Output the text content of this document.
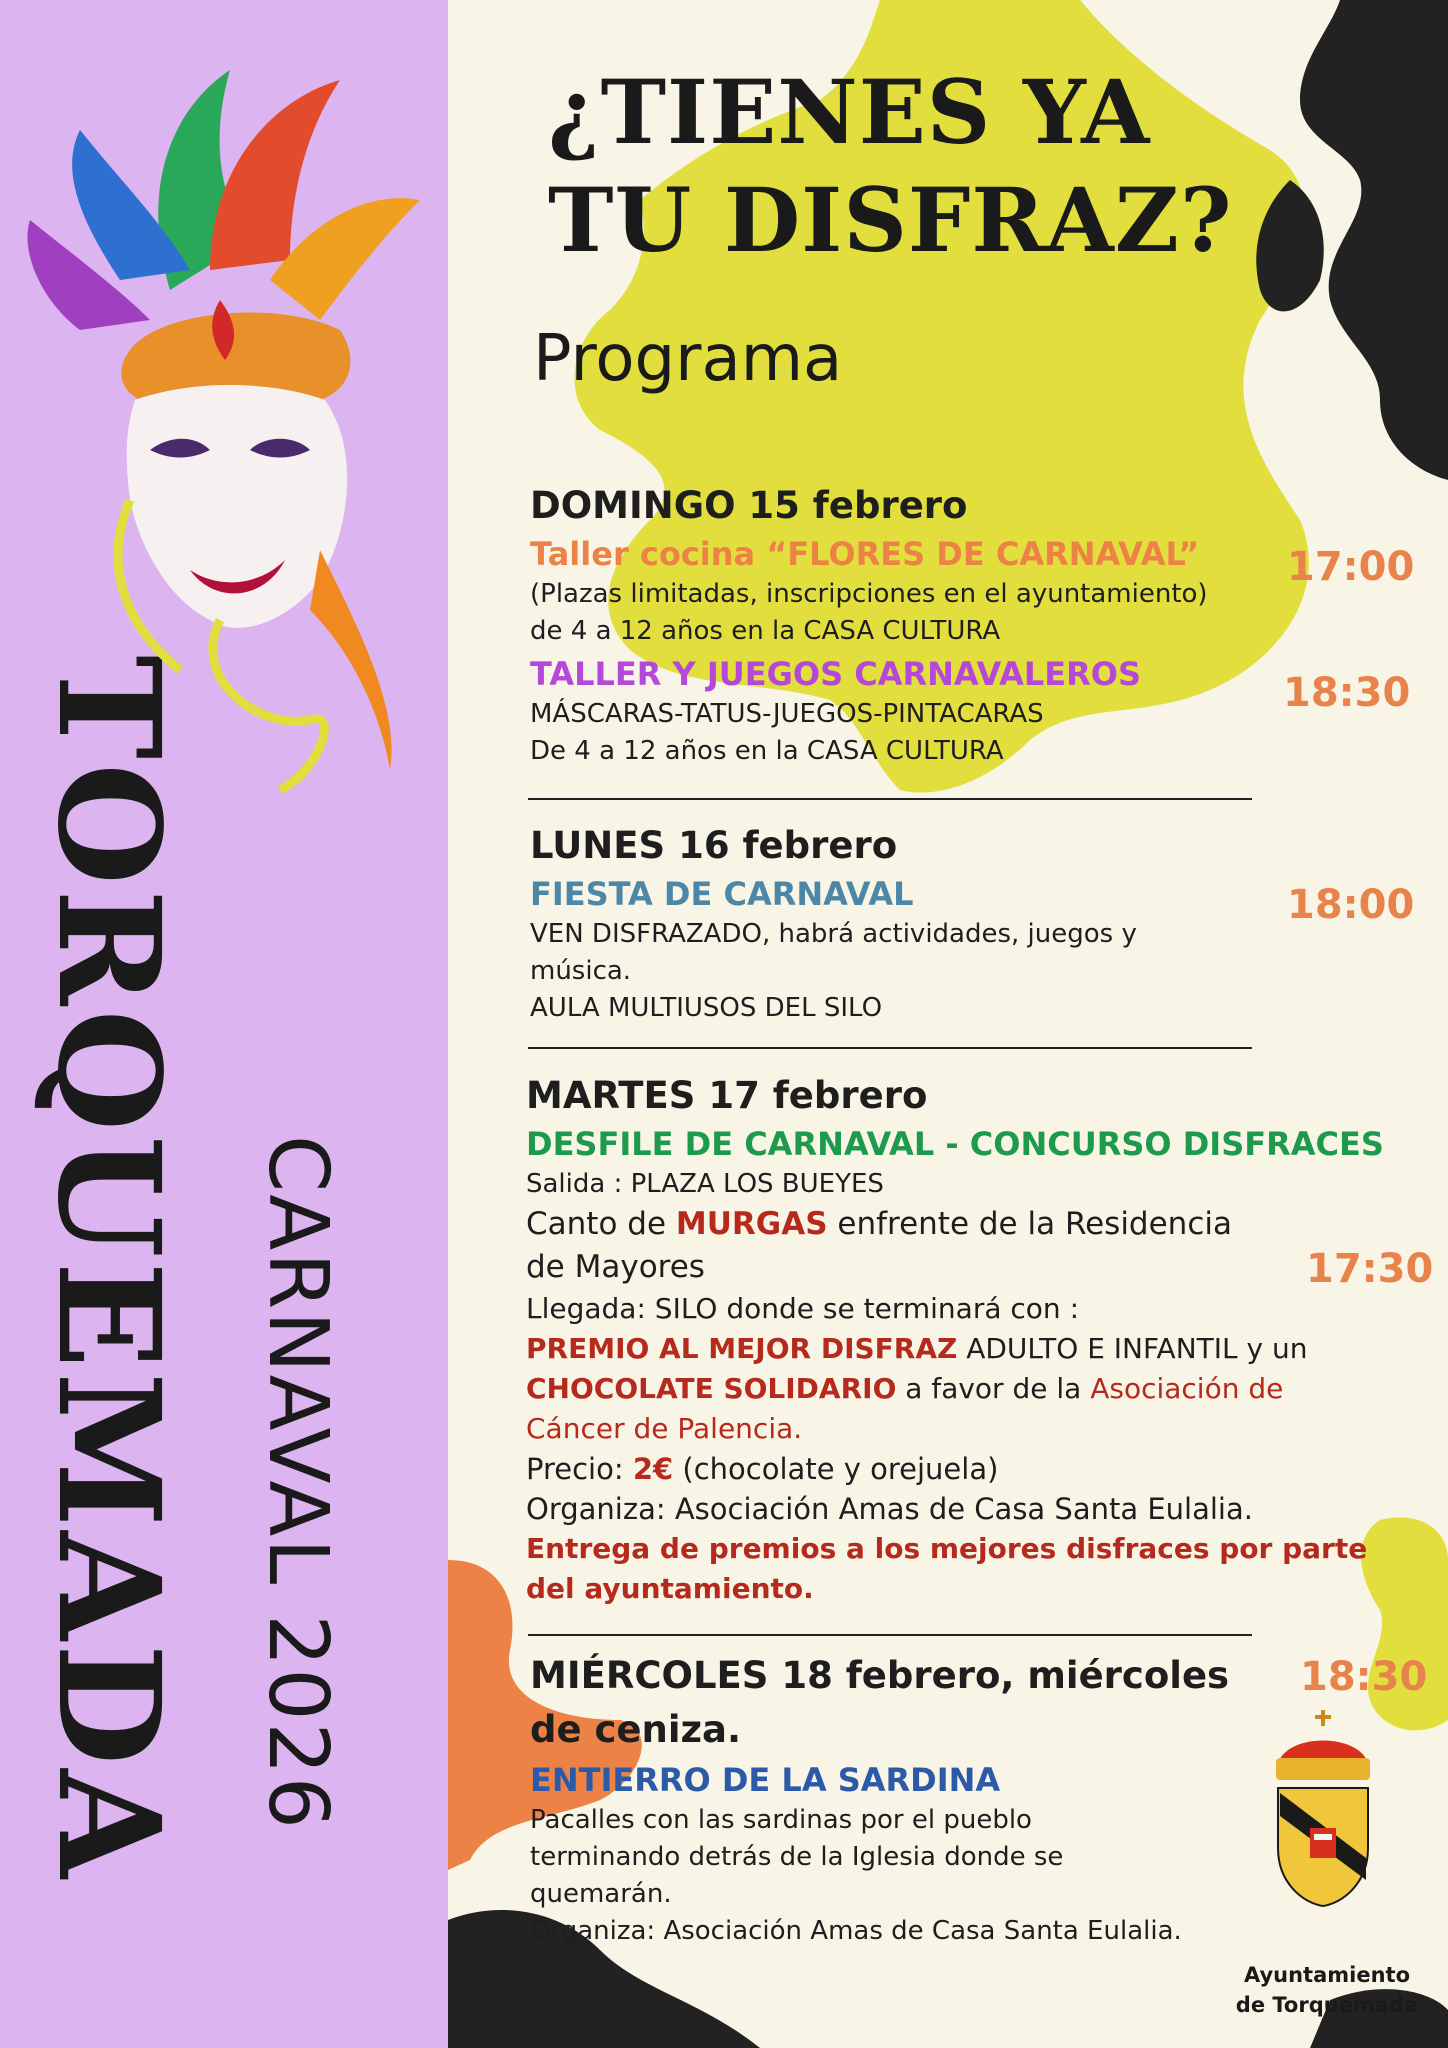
TORQUEMADA CARNAVAL 2026
¿TIENES YA
TU DISFRAZ?
Programa
DOMINGO 15 febrero
Taller cocina “FLORES DE CARNAVAL”
(Plazas limitadas, inscripciones en el ayuntamiento)
de 4 a 12 años en la CASA CULTURA
TALLER Y JUEGOS CARNAVALEROS
MÁSCARAS-TATUS-JUEGOS-PINTACARAS
De 4 a 12 años en la CASA CULTURA
17:00
18:30
LUNES 16 febrero
FIESTA DE CARNAVAL
VEN DISFRAZADO, habrá actividades, juegos y
música.
AULA MULTIUSOS DEL SILO
18:00
MARTES 17 febrero
DESFILE DE CARNAVAL - CONCURSO DISFRACES
Salida : PLAZA LOS BUEYES
Canto de MURGAS enfrente de la Residencia
de Mayores
Llegada: SILO donde se terminará con :
PREMIO AL MEJOR DISFRAZ ADULTO E INFANTIL y un
CHOCOLATE SOLIDARIO a favor de la Asociación de
Cáncer de Palencia.
Precio: 2€ (chocolate y orejuela)
Organiza: Asociación Amas de Casa Santa Eulalia.
Entrega de premios a los mejores disfraces por parte
del ayuntamiento.
17:30
MIÉRCOLES 18 febrero, miércoles
de ceniza.
ENTIERRO DE LA SARDINA
Pacalles con las sardinas por el pueblo
terminando detrás de la Iglesia donde se
quemarán.
Organiza: Asociación Amas de Casa Santa Eulalia.
18:30
Ayuntamiento
de Torquemada
